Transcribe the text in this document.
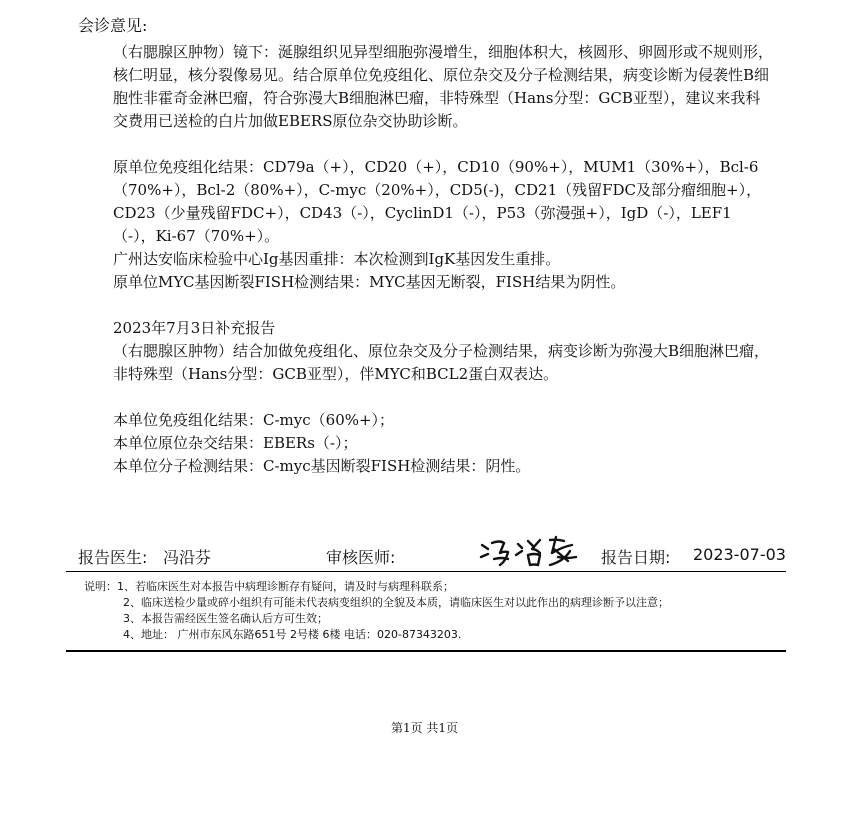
会诊意见:

（右腮腺区肿物）镜下：涎腺组织见异型细胞弥漫增生，细胞体积大，核圆形、卵圆形或不规则形，核仁明显，核分裂像易见。结合原单位免疫组化、原位杂交及分子检测结果，病变诊断为侵袭性B细胞性非霍奇金淋巴瘤，符合弥漫大B细胞淋巴瘤，非特殊型（Hans分型：GCB亚型），建议来我科交费用已送检的白片加做EBERS原位杂交协助诊断。

原单位免疫组化结果：CD79a（+），CD20（+），CD10（90%+），MUM1（30%+），Bcl-6（70%+），Bcl-2（80%+），C-myc（20%+），CD5(-)，CD21（残留FDC及部分瘤细胞+），CD23（少量残留FDC+），CD43（-），CyclinD1（-），P53（弥漫强+），IgD（-），LEF1（-），Ki-67（70%+）。

广州达安临床检验中心Ig基因重排：本次检测到IgK基因发生重排。

原单位MYC基因断裂FISH检测结果：MYC基因无断裂，FISH结果为阴性。

2023年7月3日补充报告

（右腮腺区肿物）结合加做免疫组化、原位杂交及分子检测结果，病变诊断为弥漫大B细胞淋巴瘤，非特殊型（Hans分型：GCB亚型），伴MYC和BCL2蛋白双表达。

本单位免疫组化结果：C-myc（60%+）；

本单位原位杂交结果：EBERs（-）；

本单位分子检测结果：C-myc基因断裂FISH检测结果：阴性。

报告医生: 冯沿芬	审核医师:	报告日期: 2023-07-03
说明：1、若临床医生对本报告中病理诊断存有疑问，请及时与病理科联系；
2、临床送检少量或碎小组织有可能未代表病变组织的全貌及本质，请临床医生对以此作出的病理诊断予以注意；
3、本报告需经医生签名确认后方可生效；
4、地址： 广州市东风东路651号 2号楼 6楼 电话：020-87343203.
第1页 共1页
